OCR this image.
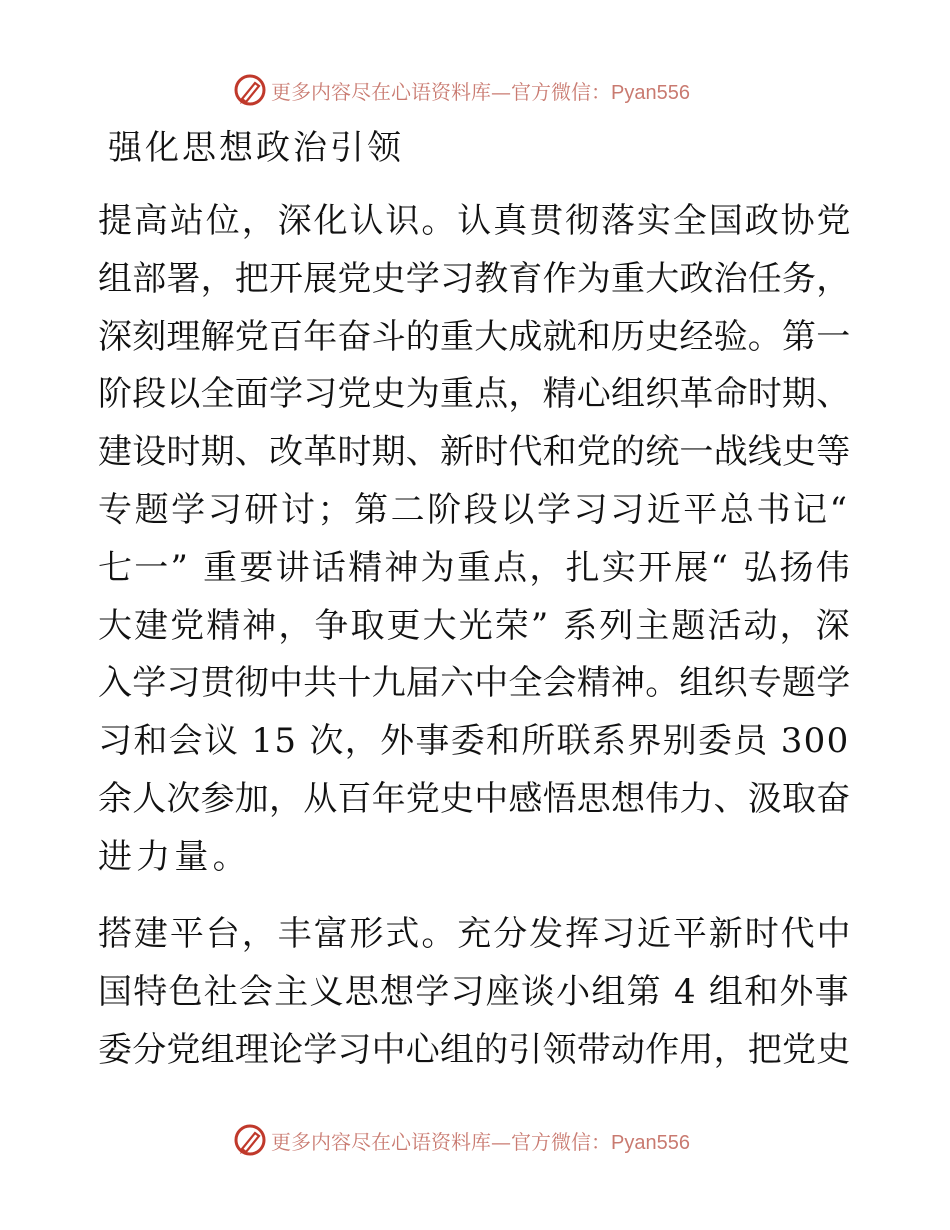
更多内容尽在心语资料库—官方微信：Pyan556
强化思想政治引领
提高站位，深化认识。认真贯彻落实全国政协党
组部署，把开展党史学习教育作为重大政治任务，
深刻理解党百年奋斗的重大成就和历史经验。第一
阶段以全面学习党史为重点，精心组织革命时期、
建设时期、改革时期、新时代和党的统一战线史等
专题学习研讨；第二阶段以学习习近平总书记“
七一” 重要讲话精神为重点，扎实开展“ 弘扬伟
大建党精神，争取更大光荣” 系列主题活动，深
入学习贯彻中共十九届六中全会精神。组织专题学
习和会议 15 次，外事委和所联系界别委员 300
余人次参加，从百年党史中感悟思想伟力、汲取奋
进力量。
搭建平台，丰富形式。充分发挥习近平新时代中
国特色社会主义思想学习座谈小组第 4 组和外事
委分党组理论学习中心组的引领带动作用，把党史
更多内容尽在心语资料库—官方微信：Pyan556
